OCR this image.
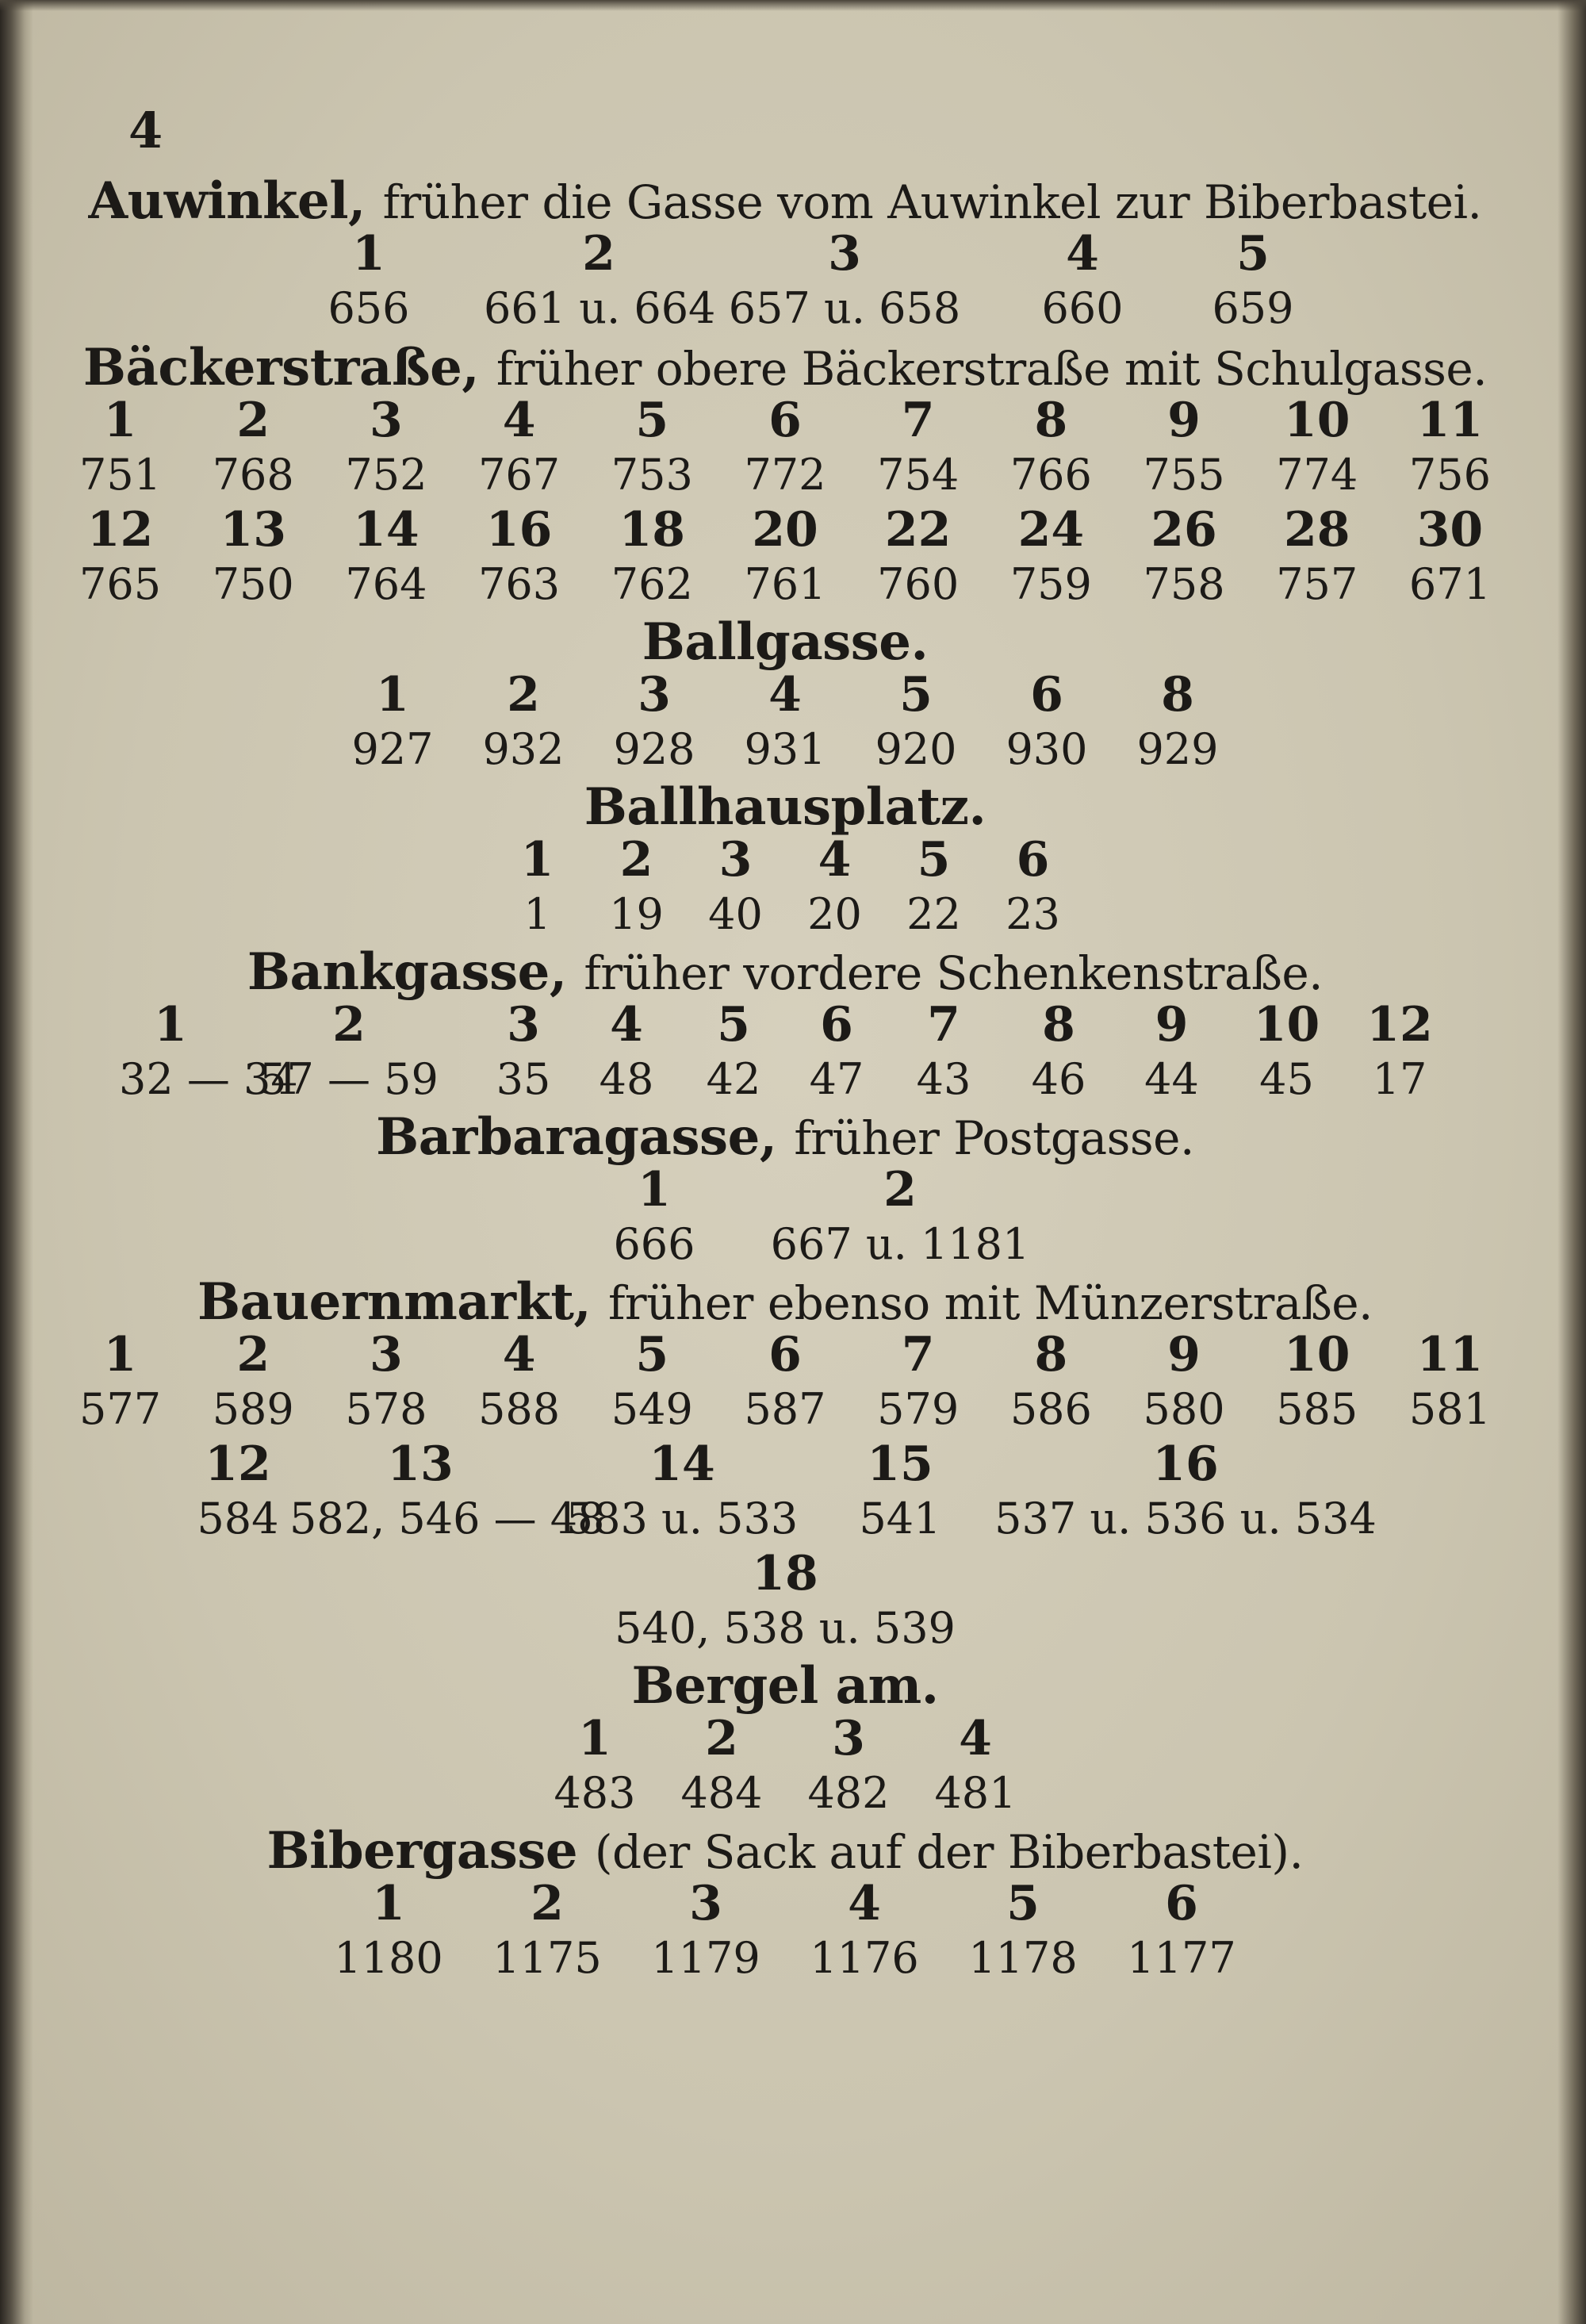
4
Auwinkel, früher die Gasse vom Auwinkel zur Biberbastei.
1
656
2
661 u. 664
3
657 u. 658
4
660
5
659
Bäckerstraße, früher obere Bäckerstraße mit Schulgasse.
1
751
2
768
3
752
4
767
5
753
6
772
7
754
8
766
9
755
10
774
11
756
12
765
13
750
14
764
16
763
18
762
20
761
22
760
24
759
26
758
28
757
30
671
Ballgasse.
1
927
2
932
3
928
4
931
5
920
6
930
8
929
Ballhausplatz.
1
1
2
19
3
40
4
20
5
22
6
23
Bankgasse, früher vordere Schenkenstraße.
1
32 — 34
2
57 — 59
3
35
4
48
5
42
6
47
7
43
8
46
9
44
10
45
12
17
Barbaragasse, früher Postgasse.
1
666
2
667 u. 1181
Bauernmarkt, früher ebenso mit Münzerstraße.
1
577
2
589
3
578
4
588
5
549
6
587
7
579
8
586
9
580
10
585
11
581
12
584
13
582, 546 — 48
14
583 u. 533
15
541
16
537 u. 536 u. 534
18
540, 538 u. 539
Bergel am.
1
483
2
484
3
482
4
481
Bibergasse (der Sack auf der Biberbastei).
1
1180
2
1175
3
1179
4
1176
5
1178
6
1177
